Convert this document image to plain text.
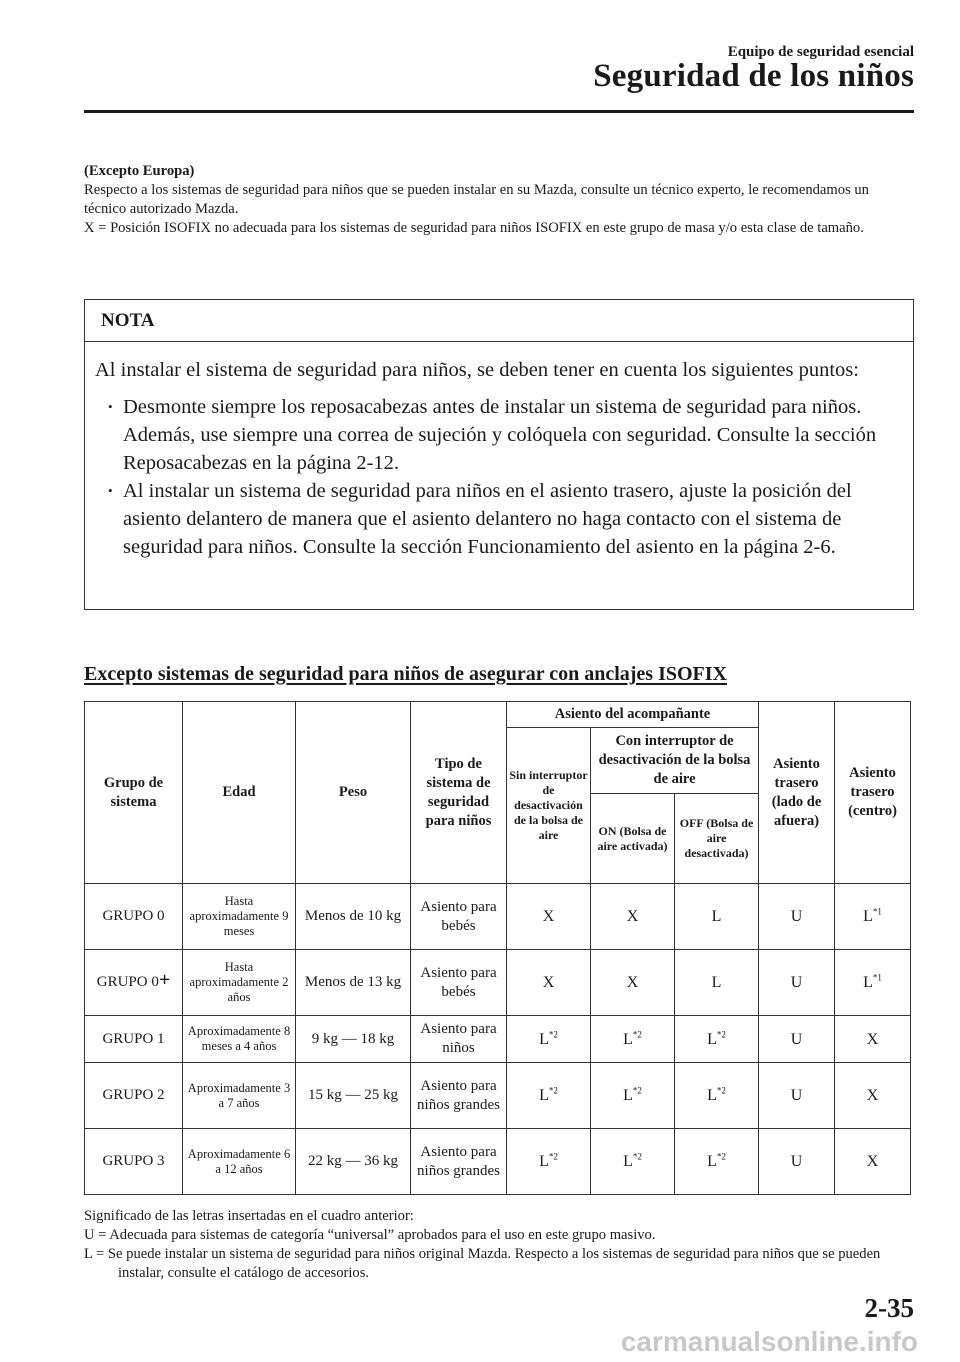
Equipo de seguridad esencial
Seguridad de los niños

(Excepto Europa)

Respecto a los sistemas de seguridad para niños que se pueden instalar en su Mazda, consulte un técnico experto, le recomendamos un técnico autorizado Mazda.

X = Posición ISOFIX no adecuada para los sistemas de seguridad para niños ISOFIX en este grupo de masa y/o esta clase de tamaño.

NOTA

Al instalar el sistema de seguridad para niños, se deben tener en cuenta los siguientes puntos:

• Desmonte siempre los reposacabezas antes de instalar un sistema de seguridad para niños. Además, use siempre una correa de sujeción y colóquela con seguridad. Consulte la sección Reposacabezas en la página 2-12.
• Al instalar un sistema de seguridad para niños en el asiento trasero, ajuste la posición del asiento delantero de manera que el asiento delantero no haga contacto con el sistema de seguridad para niños. Consulte la sección Funcionamiento del asiento en la página 2-6.
Excepto sistemas de seguridad para niños de asegurar con anclajes ISOFIX
Grupo de sistema	Edad	Peso	Tipo de sistema de seguridad para niños	Asiento del acompañante			Asiento trasero (lado de afuera)	Asiento trasero (centro)
				Sin interruptor de desactivación de la bolsa de aire	Con interruptor de desactivación de la bolsa de aire			
					ON (Bolsa de aire activada)	OFF (Bolsa de aire desactivada)		
GRUPO 0	Hasta aproximadamente 9 meses	Menos de 10 kg	Asiento para bebés	X	X	L	U	$L^{*1}$
GRUPO 0+	Hasta aproximadamente 2 años	Menos de 13 kg	Asiento para bebés	X	X	L	U	$L^{*1}$
GRUPO 1	Aproximadamente 8 meses a 4 años	9 kg — 18 kg	Asiento para niños	$L^{*2}$	$L^{*2}$	$L^{*2}$	U	X
GRUPO 2	Aproximadamente 3 a 7 años	15 kg — 25 kg	Asiento para niños grandes	$L^{*2}$	$L^{*2}$	$L^{*2}$	U	X
GRUPO 3	Aproximadamente 6 a 12 años	22 kg — 36 kg	Asiento para niños grandes	$L^{*2}$	$L^{*2}$	$L^{*2}$	U	X

Significado de las letras insertadas en el cuadro anterior:

U = Adecuada para sistemas de categoría “universal” aprobados para el uso en este grupo masivo.

L = Se puede instalar un sistema de seguridad para niños original Mazda. Respecto a los sistemas de seguridad para niños que se pueden instalar, consulte el catálogo de accesorios.

2-35
carmanualsonline.info
